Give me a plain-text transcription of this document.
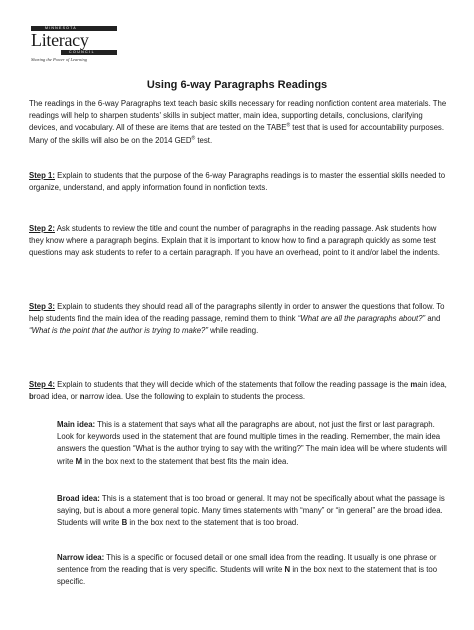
MINNESOTA
Literacy
COUNCIL
Sharing the Power of Learning
Using 6-way Paragraphs Readings
The readings in the 6-way Paragraphs text teach basic skills necessary for reading nonfiction content area materials. The readings will help to sharpen students' skills in subject matter, main idea, supporting details, conclusions, clarifying devices, and vocabulary. All of these are items that are tested on the TABE® test that is used for accountability purposes. Many of the skills will also be on the 2014 GED® test.
Step 1: Explain to students that the purpose of the 6-way Paragraphs readings is to master the essential skills needed to organize, understand, and apply information found in nonfiction texts.
Step 2: Ask students to review the title and count the number of paragraphs in the reading passage. Ask students how they know where a paragraph begins. Explain that it is important to know how to find a paragraph quickly as some test questions may ask students to refer to a certain paragraph. If you have an overhead, point to it and/or label the indents.
Step 3: Explain to students they should read all of the paragraphs silently in order to answer the questions that follow. To help students find the main idea of the reading passage, remind them to think “What are all the paragraphs about?” and “What is the point that the author is trying to make?” while reading.
Step 4: Explain to students that they will decide which of the statements that follow the reading passage is the main idea, broad idea, or narrow idea. Use the following to explain to students the process.
Main idea: This is a statement that says what all the paragraphs are about, not just the first or last paragraph. Look for keywords used in the statement that are found multiple times in the reading. Remember, the main idea answers the question “What is the author trying to say with the writing?” The main idea will be where students will write M in the box next to the statement that best fits the main idea.
Broad idea: This is a statement that is too broad or general. It may not be specifically about what the passage is saying, but is about a more general topic. Many times statements with “many” or “in general” are the broad idea. Students will write B in the box next to the statement that is too broad.
Narrow idea: This is a specific or focused detail or one small idea from the reading. It usually is one phrase or sentence from the reading that is very specific. Students will write N in the box next to the statement that is too specific.
